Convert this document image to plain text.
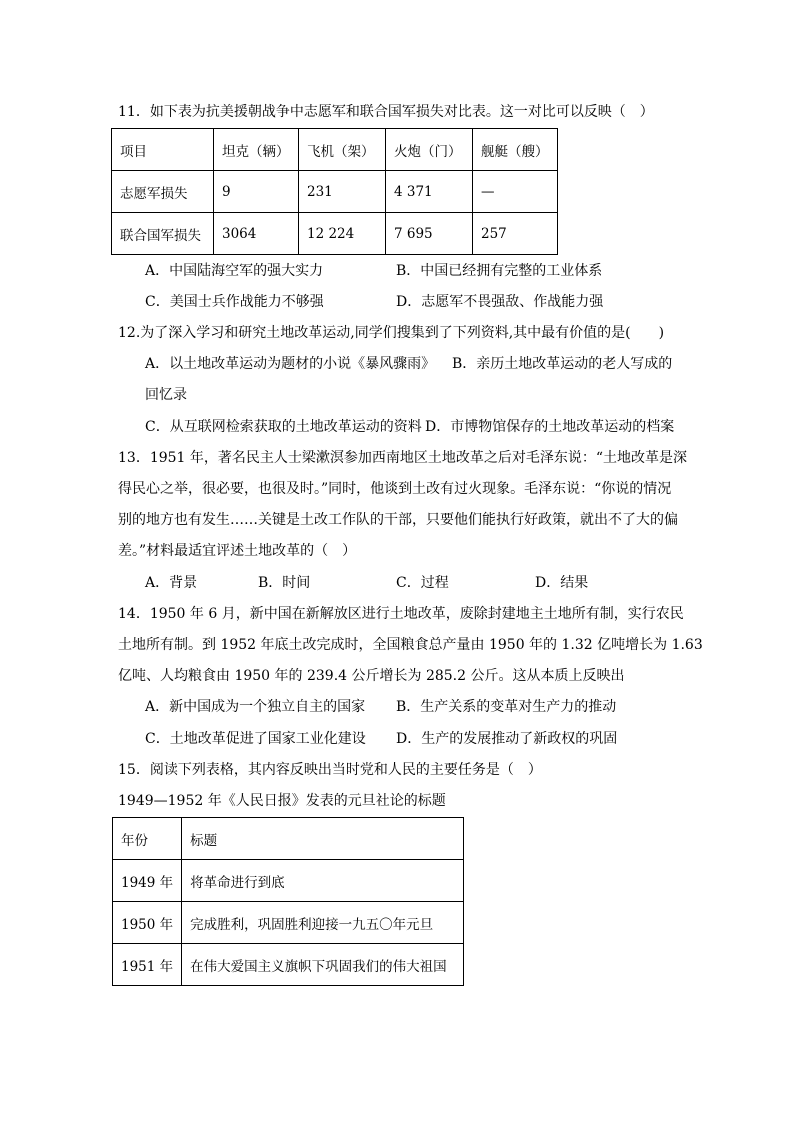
11．如下表为抗美援朝战争中志愿军和联合国军损失对比表。这一对比可以反映（　）
项目	坦克（辆）	飞机（架）	火炮（门）	舰艇（艘）
志愿军损失	9	231	4 371	—
联合国军损失	3064	12 224	7 695	257
A．中国陆海空军的强大实力	B．中国已经拥有完整的工业体系
C．美国士兵作战能力不够强	D．志愿军不畏强敌、作战能力强
12.为了深入学习和研究土地改革运动,同学们搜集到了下列资料,其中最有价值的是(　　)
A．以土地改革运动为题材的小说《暴风骤雨》 B．亲历土地改革运动的老人写成的
回忆录
C．从互联网检索获取的土地改革运动的资料 D．市博物馆保存的土地改革运动的档案
13．1951 年，著名民主人士梁漱溟参加西南地区土地改革之后对毛泽东说：“土地改革是深
得民心之举，很必要，也很及时。”同时，他谈到土改有过火现象。毛泽东说：“你说的情况
别的地方也有发生……关键是土改工作队的干部，只要他们能执行好政策，就出不了大的偏
差。”材料最适宜评述土地改革的（　）
A．背景	B．时间	C．过程	D．结果
14．1950 年 6 月，新中国在新解放区进行土地改革，废除封建地主土地所有制，实行农民
土地所有制。到 1952 年底土改完成时，全国粮食总产量由 1950 年的 1.32 亿吨增长为 1.63
亿吨、人均粮食由 1950 年的 239.4 公斤增长为 285.2 公斤。这从本质上反映出
A．新中国成为一个独立自主的国家 B．生产关系的变革对生产力的推动
C．土地改革促进了国家工业化建设 D．生产的发展推动了新政权的巩固
15．阅读下列表格，其内容反映出当时党和人民的主要任务是（　）
1949—1952 年《人民日报》发表的元旦社论的标题
年份	标题
1949 年	将革命进行到底
1950 年	完成胜利，巩固胜利迎接一九五〇年元旦
1951 年	在伟大爱国主义旗帜下巩固我们的伟大祖国
